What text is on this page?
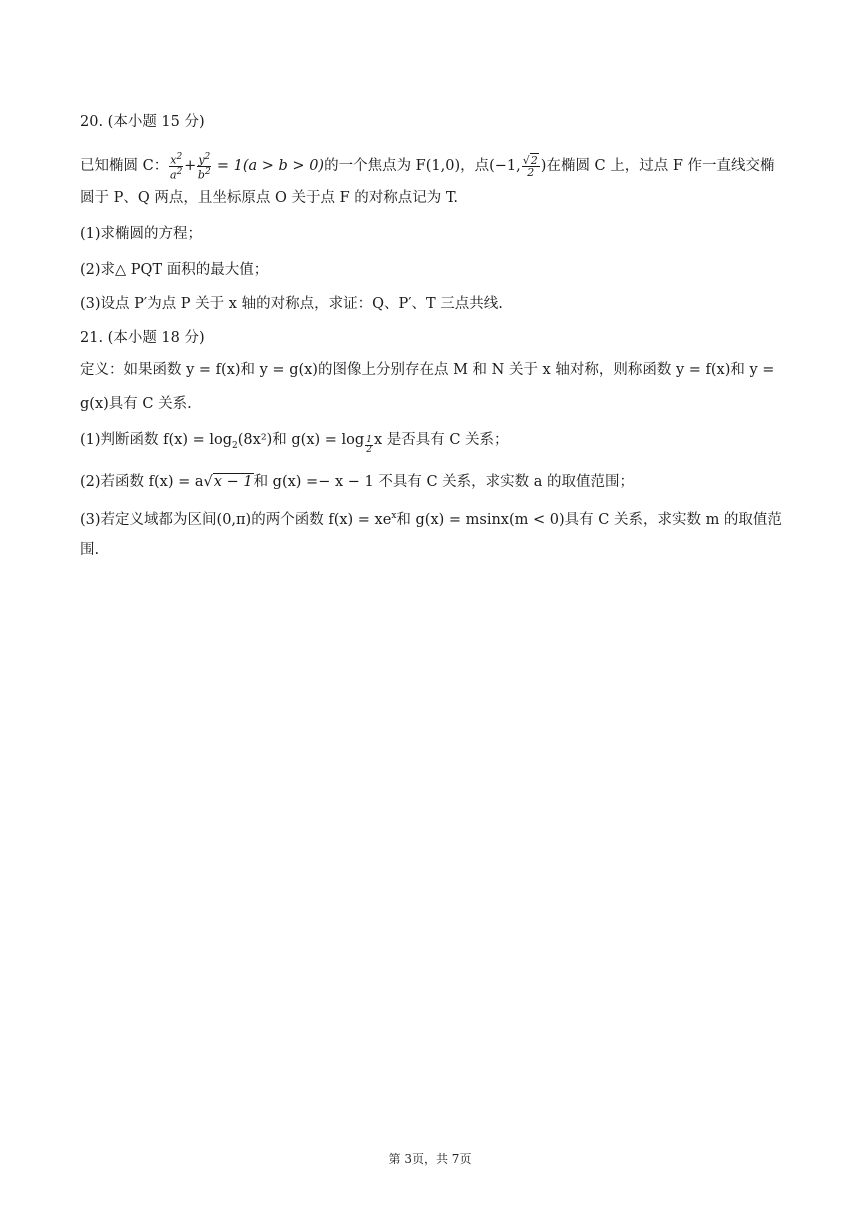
20. (本小题 15 分)
已知椭圆 C： $\frac{x^2}{a^2} + \frac{y^2}{b^2} = 1(a > b > 0)$的一个焦点为 F(1,0)，点(−1, $\frac{√2}{2}$ )在椭圆 C 上，过点 F 作一直线交椭
圆于 P、Q 两点，且坐标原点 O 关于点 F 的对称点记为 T.
(1)求椭圆的方程；
(2)求△ PQT 面积的最大值；
(3)设点 P′为点 P 关于 x 轴的对称点，求证：Q、P′、T 三点共线.
21. (本小题 18 分)
定义：如果函数 y = f(x)和 y = g(x)的图像上分别存在点 M 和 N 关于 x 轴对称，则称函数 y = f(x)和 y =
g(x)具有 C 关系.
(1)判断函数 $f(x) = \log_2(8x^2)$和 g(x) = log $_{\frac{1}{2}}$ x 是否具有 C 关系；
(2)若函数 f(x) = a√x − 1和 g(x) =− x − 1 不具有 C 关系，求实数 a 的取值范围；
(3)若定义域都为区间(0,π)的两个函数 $f(x) = xe^x$和 g(x) = msinx(m < 0)具有 C 关系，求实数 m 的取值范
围.
第 3页，共 7页
